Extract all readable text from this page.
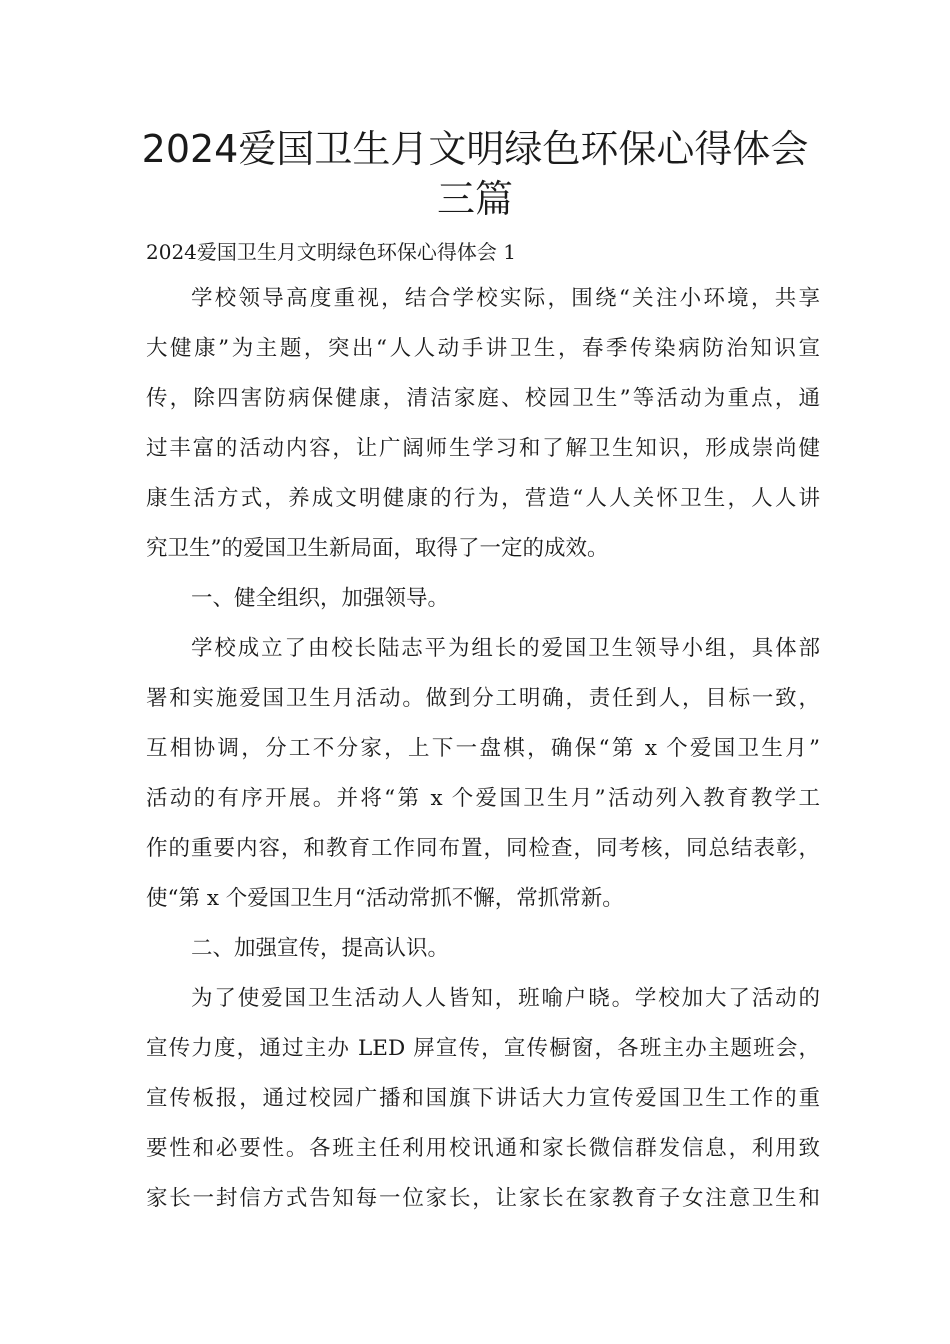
2024爱国卫生月文明绿色环保心得体会
三篇
2024爱国卫生月文明绿色环保心得体会 1
学校领导高度重视，结合学校实际，围绕“关注小环境，共享
大健康”为主题，突出“人人动手讲卫生，春季传染病防治知识宣
传，除四害防病保健康，清洁家庭、校园卫生”等活动为重点，通
过丰富的活动内容，让广阔师生学习和了解卫生知识，形成崇尚健
康生活方式，养成文明健康的行为，营造“人人关怀卫生，人人讲
究卫生”的爱国卫生新局面，取得了一定的成效。
一、健全组织，加强领导。
学校成立了由校长陆志平为组长的爱国卫生领导小组，具体部
署和实施爱国卫生月活动。做到分工明确，责任到人，目标一致，
互相协调，分工不分家，上下一盘棋，确保“第 x 个爱国卫生月”
活动的有序开展。并将“第 x 个爱国卫生月”活动列入教育教学工
作的重要内容，和教育工作同布置，同检查，同考核，同总结表彰，
使“第 x 个爱国卫生月“活动常抓不懈，常抓常新。
二、加强宣传，提高认识。
为了使爱国卫生活动人人皆知，班喻户晓。学校加大了活动的
宣传力度，通过主办 LED 屏宣传，宣传橱窗，各班主办主题班会，
宣传板报，通过校园广播和国旗下讲话大力宣传爱国卫生工作的重
要性和必要性。各班主任利用校讯通和家长微信群发信息，利用致
家长一封信方式告知每一位家长，让家长在家教育子女注意卫生和
